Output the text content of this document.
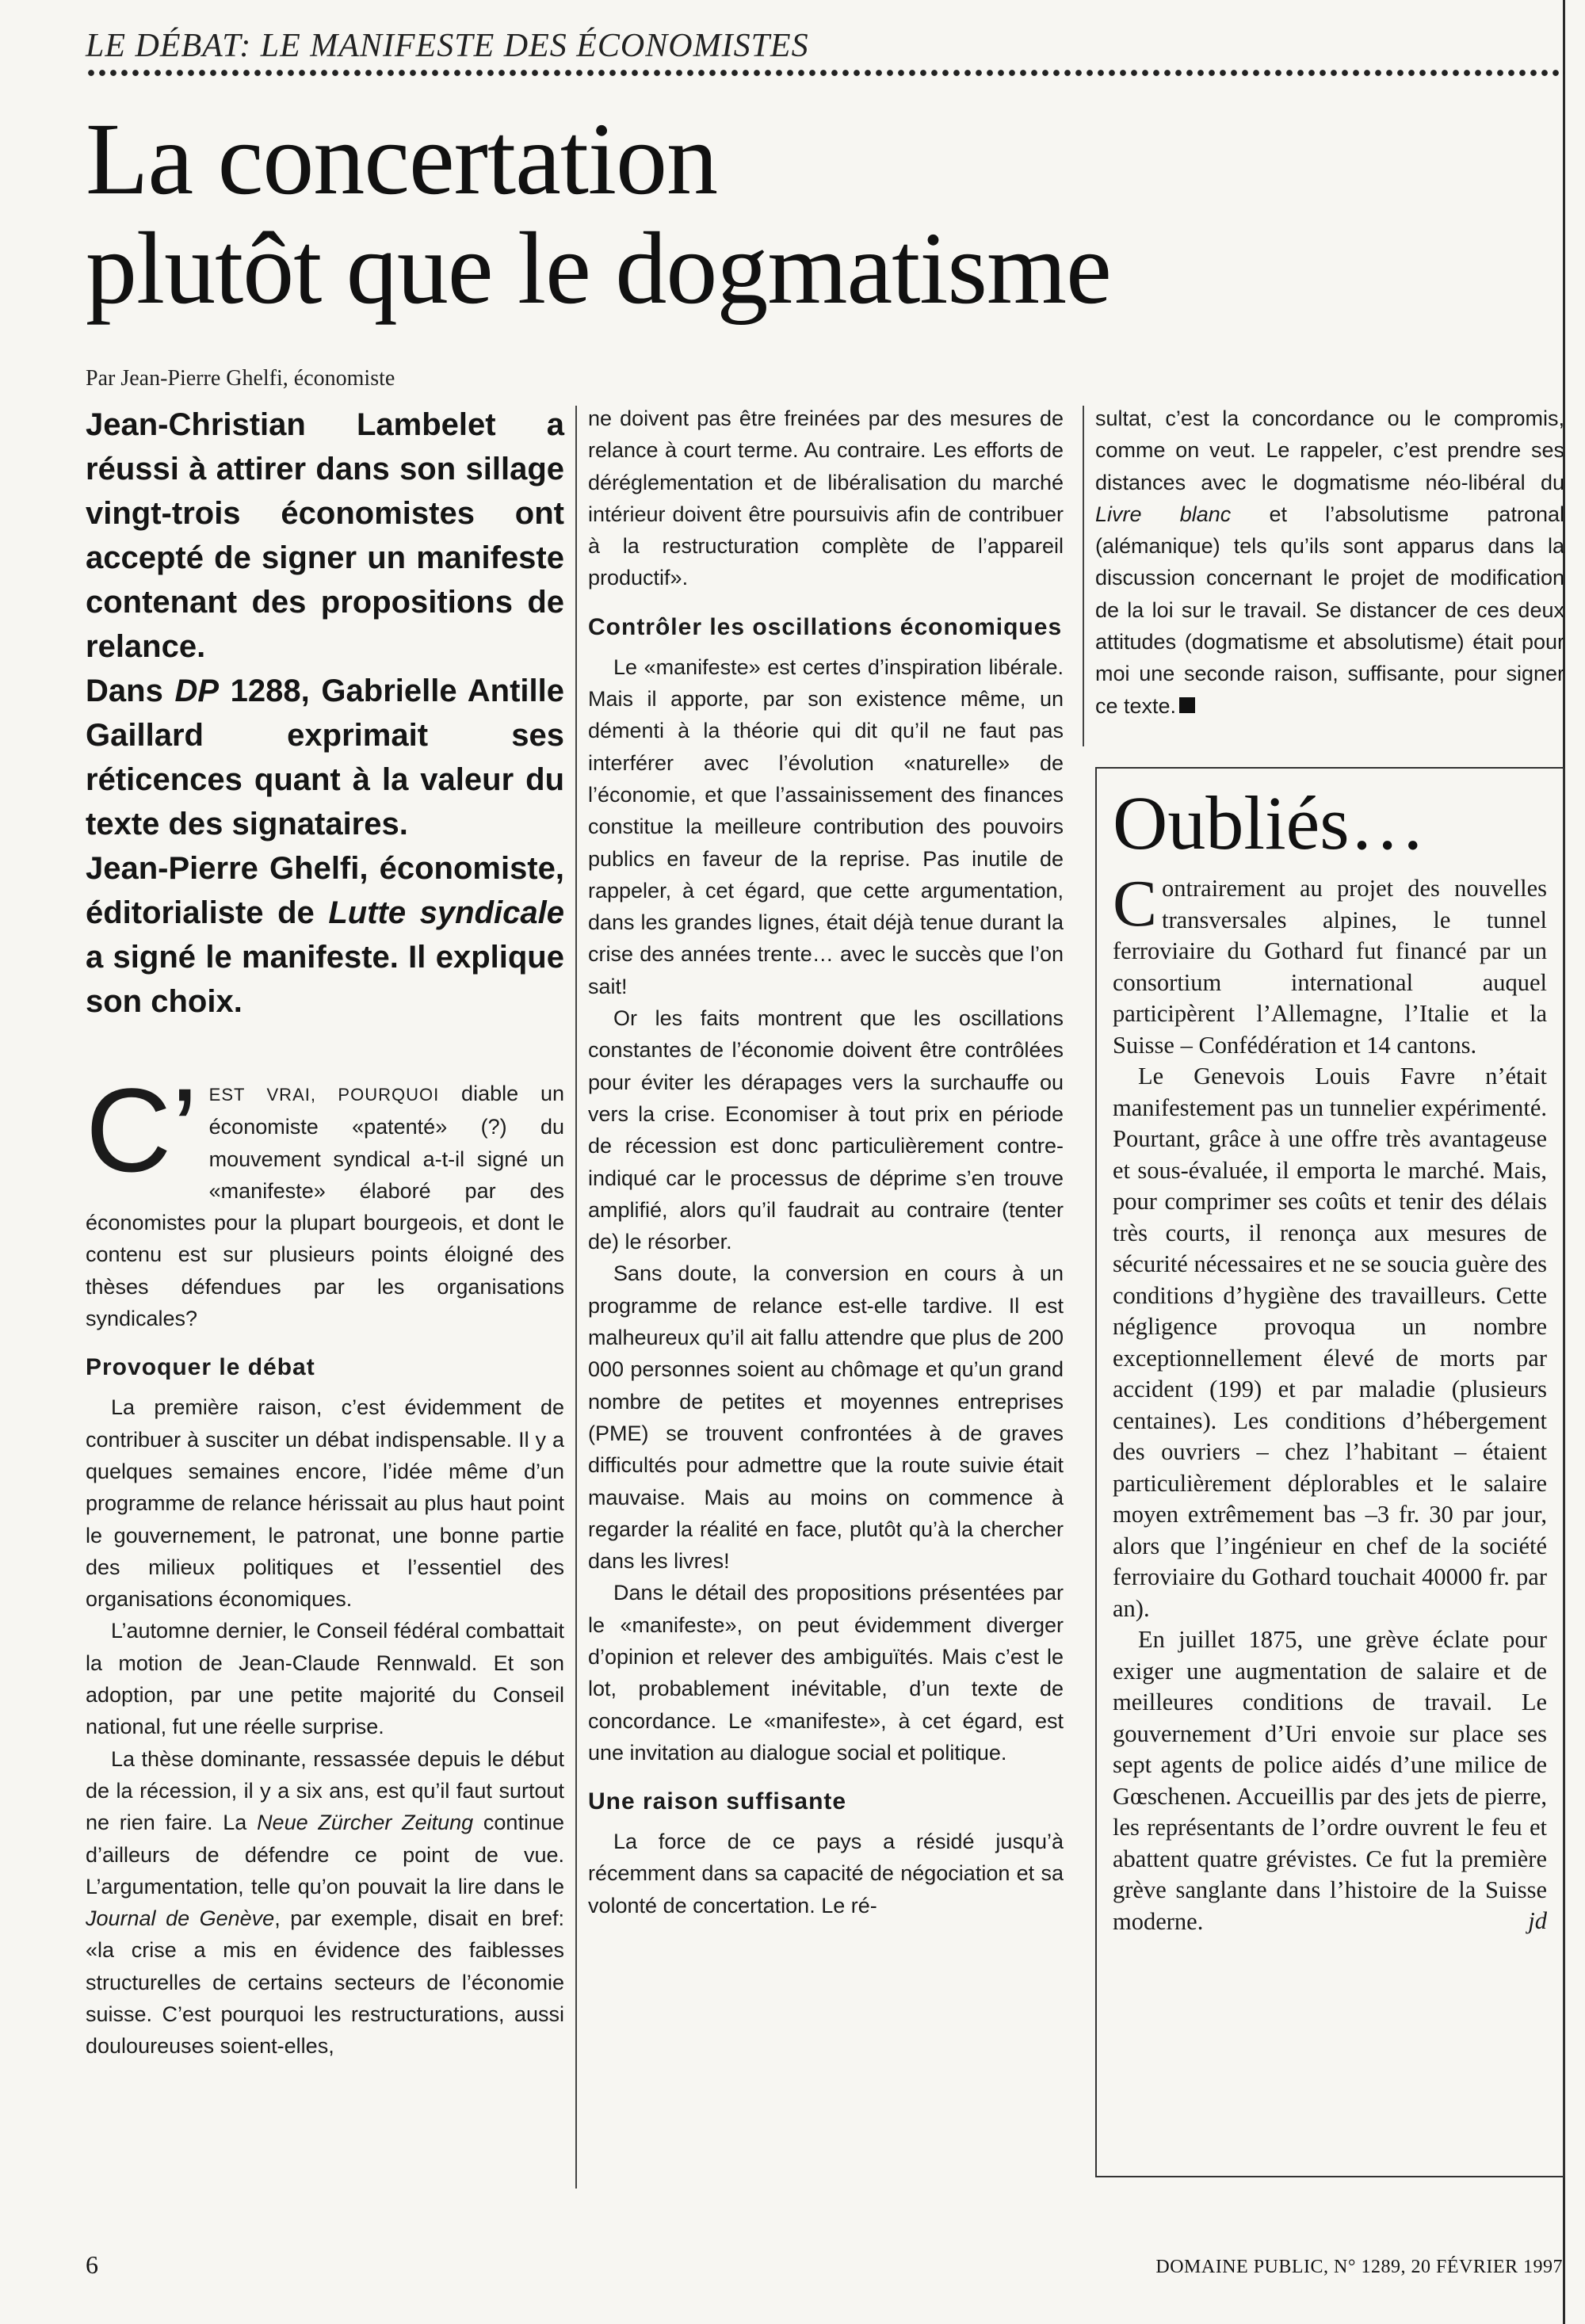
LE DÉBAT: LE MANIFESTE DES ÉCONOMISTES
La concertation
plutôt que le dogmatisme
Par Jean-Pierre Ghelfi, économiste

Jean-Christian Lambelet a réussi à attirer dans son sillage vingt-trois économistes ont accepté de signer un manifeste contenant des propositions de relance.

Dans DP 1288, Gabrielle Antille Gaillard exprimait ses réticences quant à la valeur du texte des signataires.

Jean-Pierre Ghelfi, économiste, éditorialiste de Lutte syndicale a signé le manifeste. Il explique son choix.

C’ EST VRAI, POURQUOI diable un économiste «patenté» (?) du mouvement syndical a-t-il signé un «manifeste» élaboré par des économistes pour la plupart bourgeois, et dont le contenu est sur plusieurs points éloigné des thèses défendues par les organisations syndicales?

Provoquer le débat

La première raison, c’est évidemment de contribuer à susciter un débat indispensable. Il y a quelques semaines encore, l’idée même d’un programme de relance hérissait au plus haut point le gouvernement, le patronat, une bonne partie des milieux politiques et l’essentiel des organisations économiques.

L’automne dernier, le Conseil fédéral combattait la motion de Jean-Claude Rennwald. Et son adoption, par une petite majorité du Conseil national, fut une réelle surprise.

La thèse dominante, ressassée depuis le début de la récession, il y a six ans, est qu’il faut surtout ne rien faire. La Neue Zürcher Zeitung continue d’ailleurs de défendre ce point de vue. L’argumentation, telle qu’on pouvait la lire dans le Journal de Genève, par exemple, disait en bref: «la crise a mis en évidence des faiblesses structurelles de certains secteurs de l’économie suisse. C’est pourquoi les restructurations, aussi douloureuses soient-elles,

ne doivent pas être freinées par des mesures de relance à court terme. Au contraire. Les efforts de déréglementation et de libéralisation du marché intérieur doivent être poursuivis afin de contribuer à la restructuration complète de l’appareil productif».

Contrôler les oscillations économiques

Le «manifeste» est certes d’inspiration libérale. Mais il apporte, par son existence même, un démenti à la théorie qui dit qu’il ne faut pas interférer avec l’évolution «naturelle» de l’économie, et que l’assainissement des finances constitue la meilleure contribution des pouvoirs publics en faveur de la reprise. Pas inutile de rappeler, à cet égard, que cette argumentation, dans les grandes lignes, était déjà tenue durant la crise des années trente… avec le succès que l’on sait!

Or les faits montrent que les oscillations constantes de l’économie doivent être contrôlées pour éviter les dérapages vers la surchauffe ou vers la crise. Economiser à tout prix en période de récession est donc particulièrement contre-indiqué car le processus de déprime s’en trouve amplifié, alors qu’il faudrait au contraire (tenter de) le résorber.

Sans doute, la conversion en cours à un programme de relance est-elle tardive. Il est malheureux qu’il ait fallu attendre que plus de 200 000 personnes soient au chômage et qu’un grand nombre de petites et moyennes entreprises (PME) se trouvent confrontées à de graves difficultés pour admettre que la route suivie était mauvaise. Mais au moins on commence à regarder la réalité en face, plutôt qu’à la chercher dans les livres!

Dans le détail des propositions présentées par le «manifeste», on peut évidemment diverger d’opinion et relever des ambiguïtés. Mais c’est le lot, probablement inévitable, d’un texte de concordance. Le «manifeste», à cet égard, est une invitation au dialogue social et politique.

Une raison suffisante

La force de ce pays a résidé jusqu’à récemment dans sa capacité de négociation et sa volonté de concertation. Le ré-

sultat, c’est la concordance ou le compromis, comme on veut. Le rappeler, c’est prendre ses distances avec le dogmatisme néo-libéral du Livre blanc et l’absolutisme patronal (alémanique) tels qu’ils sont apparus dans la discussion concernant le projet de modification de la loi sur le travail. Se distancer de ces deux attitudes (dogmatisme et absolutisme) était pour moi une seconde raison, suffisante, pour signer ce texte.

Oubliés…

Contrairement au projet des nouvelles transversales alpines, le tunnel ferroviaire du Gothard fut financé par un consortium international auquel participèrent l’Allemagne, l’Italie et la Suisse – Confédération et 14 cantons.

Le Genevois Louis Favre n’était manifestement pas un tunnelier expérimenté. Pourtant, grâce à une offre très avantageuse et sous-évaluée, il emporta le marché. Mais, pour comprimer ses coûts et tenir des délais très courts, il renonça aux mesures de sécurité nécessaires et ne se soucia guère des conditions d’hygiène des travailleurs. Cette négligence provoqua un nombre exceptionnellement élevé de morts par accident (199) et par maladie (plusieurs centaines). Les conditions d’hébergement des ouvriers – chez l’habitant – étaient particulièrement déplorables et le salaire moyen extrêmement bas –3 fr. 30 par jour, alors que l’ingénieur en chef de la société ferroviaire du Gothard touchait 40000 fr. par an).

En juillet 1875, une grève éclate pour exiger une augmentation de salaire et de meilleures conditions de travail. Le gouvernement d’Uri envoie sur place ses sept agents de police aidés d’une milice de Gœschenen. Accueillis par des jets de pierre, les représentants de l’ordre ouvrent le feu et abattent quatre grévistes. Ce fut la première grève sanglante dans l’histoire de la Suisse moderne.	jd
6	DOMAINE PUBLIC, N° 1289, 20 FÉVRIER 1997
